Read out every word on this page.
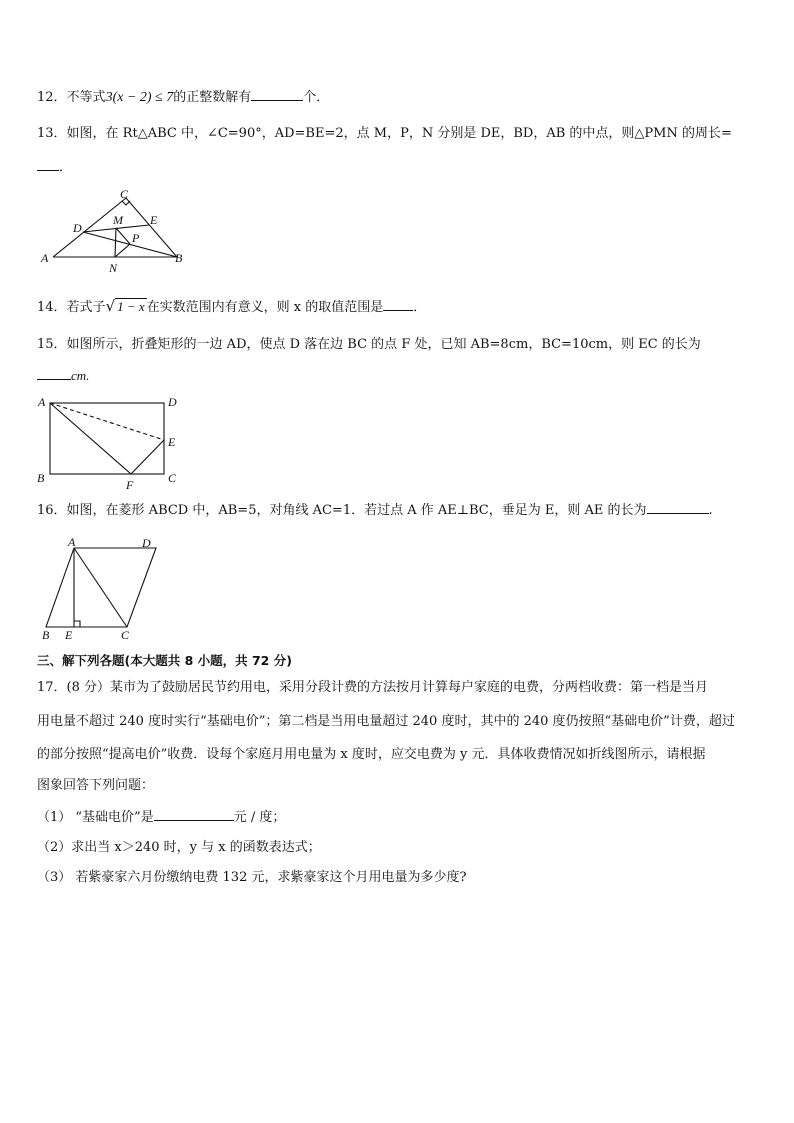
12．不等式3(x − 2) ≤ 7的正整数解有	个．
13．如图，在 Rt△ABC 中，∠C=90°，AD=BE=2，点 M，P，N 分别是 DE，BD，AB 的中点，则△PMN 的周长=
．
C
M E
D
P
A
N
B
14．若式子√ 1 − x 在实数范围内有意义，则 x 的取值范围是 ．
15．如图所示，折叠矩形的一边 AD，使点 D 落在边 BC 的点 F 处，已知 AB=8cm，BC=10cm，则 EC 的长为
cm.
A	D
E
B	F	C
16．如图，在菱形 ABCD 中，AB=5，对角线 AC=1．若过点 A 作 AE⊥BC，垂足为 E，则 AE 的长为	.
A	D
B E	C
三、解下列各题(本大题共 8 小题，共 72 分)
17．(8 分）某市为了鼓励居民节约用电，采用分段计费的方法按月计算每户家庭的电费，分两档收费：第一档是当月
用电量不超过 240 度时实行“基础电价”；第二档是当用电量超过 240 度时，其中的 240 度仍按照“基础电价”计费，超过
的部分按照“提高电价”收费．设每个家庭月用电量为 x 度时，应交电费为 y 元．具体收费情况如折线图所示，请根据
图象回答下列问题：
（1） “基础电价”是	元 / 度；
（2）求出当 x＞240 时，y 与 x 的函数表达式；
（3） 若紫豪家六月份缴纳电费 132 元，求紫豪家这个月用电量为多少度?
